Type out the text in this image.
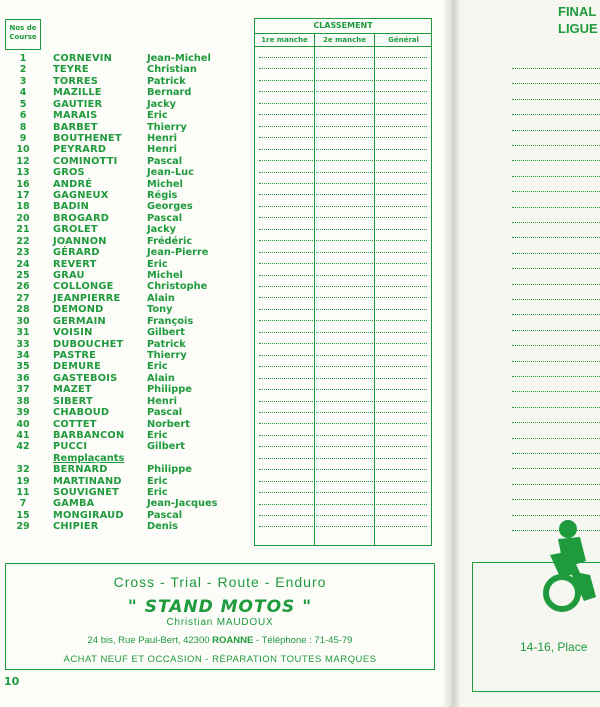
Nos de Course
1	CORNEVIN	Jean-Michel
2	TEYRE	Christian
3	TORRES	Patrick
4	MAZILLE	Bernard
5	GAUTIER	Jacky
6	MARAIS	Eric
8	BARBET	Thierry
9	BOUTHENET	Henri
10	PEYRARD	Henri
12	COMINOTTI	Pascal
13	GROS	Jean-Luc
16	ANDRÉ	Michel
17	GAGNEUX	Régis
18	BADIN	Georges
20	BROGARD	Pascal
21	GROLET	Jacky
22	JOANNON	Frédéric
23	GÉRARD	Jean-Pierre
24	REVERT	Eric
25	GRAU	Michel
26	COLLONGE	Christophe
27	JEANPIERRE	Alain
28	DEMOND	Tony
30	GERMAIN	François
31	VOISIN	Gilbert
33	DUBOUCHET Patrick
34	PASTRE	Thierry
35	DEMURE	Eric
36	GASTEBOIS	Alain
37	MAZET	Philippe
38	SIBERT	Henri
39	CHABOUD	Pascal
40	COTTET	Norbert
41	BARBANCON Eric
42	PUCCI	Gilbert
Remplaçants
32	BERNARD	Philippe
19	MARTINAND	Eric
11	SOUVIGNET	Eric
7	GAMBA	Jean-Jacques
15	MONGIRAUD Pascal
29	CHIPIER	Denis
CLASSEMENT
1re manche	2e manche	Général
Cross - Trial - Route - Enduro
" STAND MOTOS "
Christian MAUDOUX
24 bis, Rue Paul-Bert, 42300 ROANNE - Téléphone : 71-45-79
ACHAT NEUF ET OCCASION - RÉPARATION TOUTES MARQUES
10
FINAL
LIGUE
14-16, Place
